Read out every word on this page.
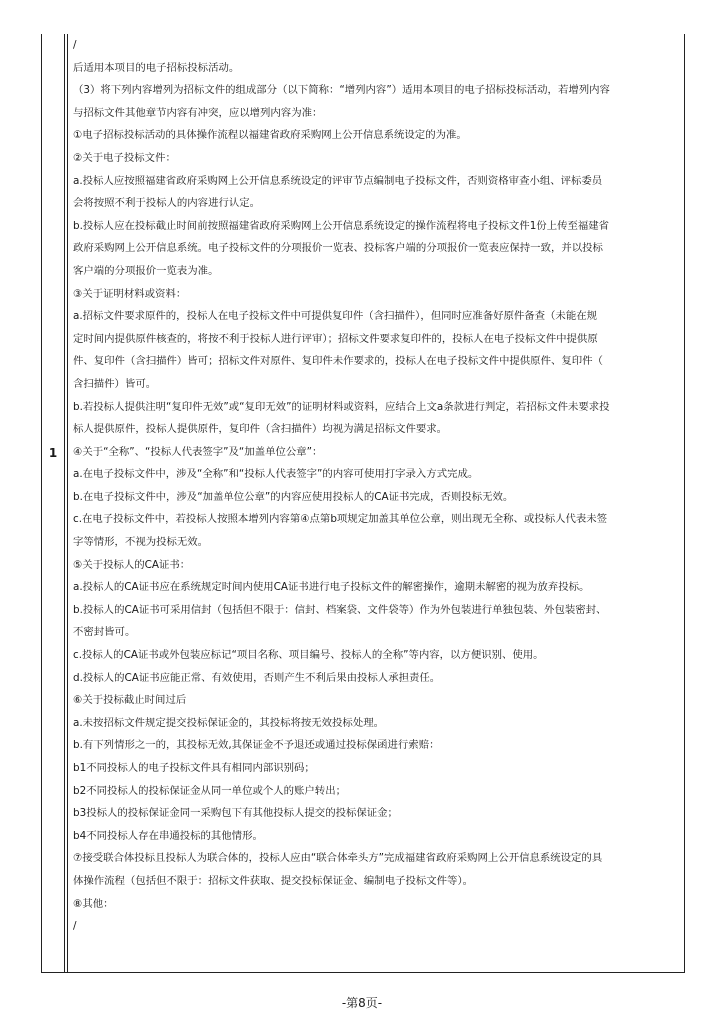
1
/
后适用本项目的电子招标投标活动。
（3）将下列内容增列为招标文件的组成部分（以下简称：“增列内容”）适用本项目的电子招标投标活动，若增列内容
与招标文件其他章节内容有冲突，应以增列内容为准：
①电子招标投标活动的具体操作流程以福建省政府采购网上公开信息系统设定的为准。
②关于电子投标文件：
a.投标人应按照福建省政府采购网上公开信息系统设定的评审节点编制电子投标文件，否则资格审查小组、评标委员
会将按照不利于投标人的内容进行认定。
b.投标人应在投标截止时间前按照福建省政府采购网上公开信息系统设定的操作流程将电子投标文件1份上传至福建省
政府采购网上公开信息系统。电子投标文件的分项报价一览表、投标客户端的分项报价一览表应保持一致，并以投标
客户端的分项报价一览表为准。
③关于证明材料或资料：
a.招标文件要求原件的，投标人在电子投标文件中可提供复印件（含扫描件），但同时应准备好原件备查（未能在规
定时间内提供原件核查的，将按不利于投标人进行评审）；招标文件要求复印件的，投标人在电子投标文件中提供原
件、复印件（含扫描件）皆可；招标文件对原件、复印件未作要求的，投标人在电子投标文件中提供原件、复印件（
含扫描件）皆可。
b.若投标人提供注明“复印件无效”或“复印无效”的证明材料或资料，应结合上文a条款进行判定，若招标文件未要求投
标人提供原件，投标人提供原件，复印件（含扫描件）均视为满足招标文件要求。
④关于“全称”、“投标人代表签字”及“加盖单位公章”：
a.在电子投标文件中，涉及“全称”和“投标人代表签字”的内容可使用打字录入方式完成。
b.在电子投标文件中，涉及“加盖单位公章”的内容应使用投标人的CA证书完成，否则投标无效。
c.在电子投标文件中，若投标人按照本增列内容第④点第b项规定加盖其单位公章，则出现无全称、或投标人代表未签
字等情形，不视为投标无效。
⑤关于投标人的CA证书：
a.投标人的CA证书应在系统规定时间内使用CA证书进行电子投标文件的解密操作，逾期未解密的视为放弃投标。
b.投标人的CA证书可采用信封（包括但不限于：信封、档案袋、文件袋等）作为外包装进行单独包装、外包装密封、
不密封皆可。
c.投标人的CA证书或外包装应标记“项目名称、项目编号、投标人的全称”等内容，以方便识别、使用。
d.投标人的CA证书应能正常、有效使用，否则产生不利后果由投标人承担责任。
⑥关于投标截止时间过后
a.未按招标文件规定提交投标保证金的，其投标将按无效投标处理。
b.有下列情形之一的，其投标无效,其保证金不予退还或通过投标保函进行索赔：
b1不同投标人的电子投标文件具有相同内部识别码；
b2不同投标人的投标保证金从同一单位或个人的账户转出；
b3投标人的投标保证金同一采购包下有其他投标人提交的投标保证金；
b4不同投标人存在串通投标的其他情形。
⑦接受联合体投标且投标人为联合体的，投标人应由“联合体牵头方”完成福建省政府采购网上公开信息系统设定的具
体操作流程（包括但不限于：招标文件获取、提交投标保证金、编制电子投标文件等）。
⑧其他：
/
-第8页-
